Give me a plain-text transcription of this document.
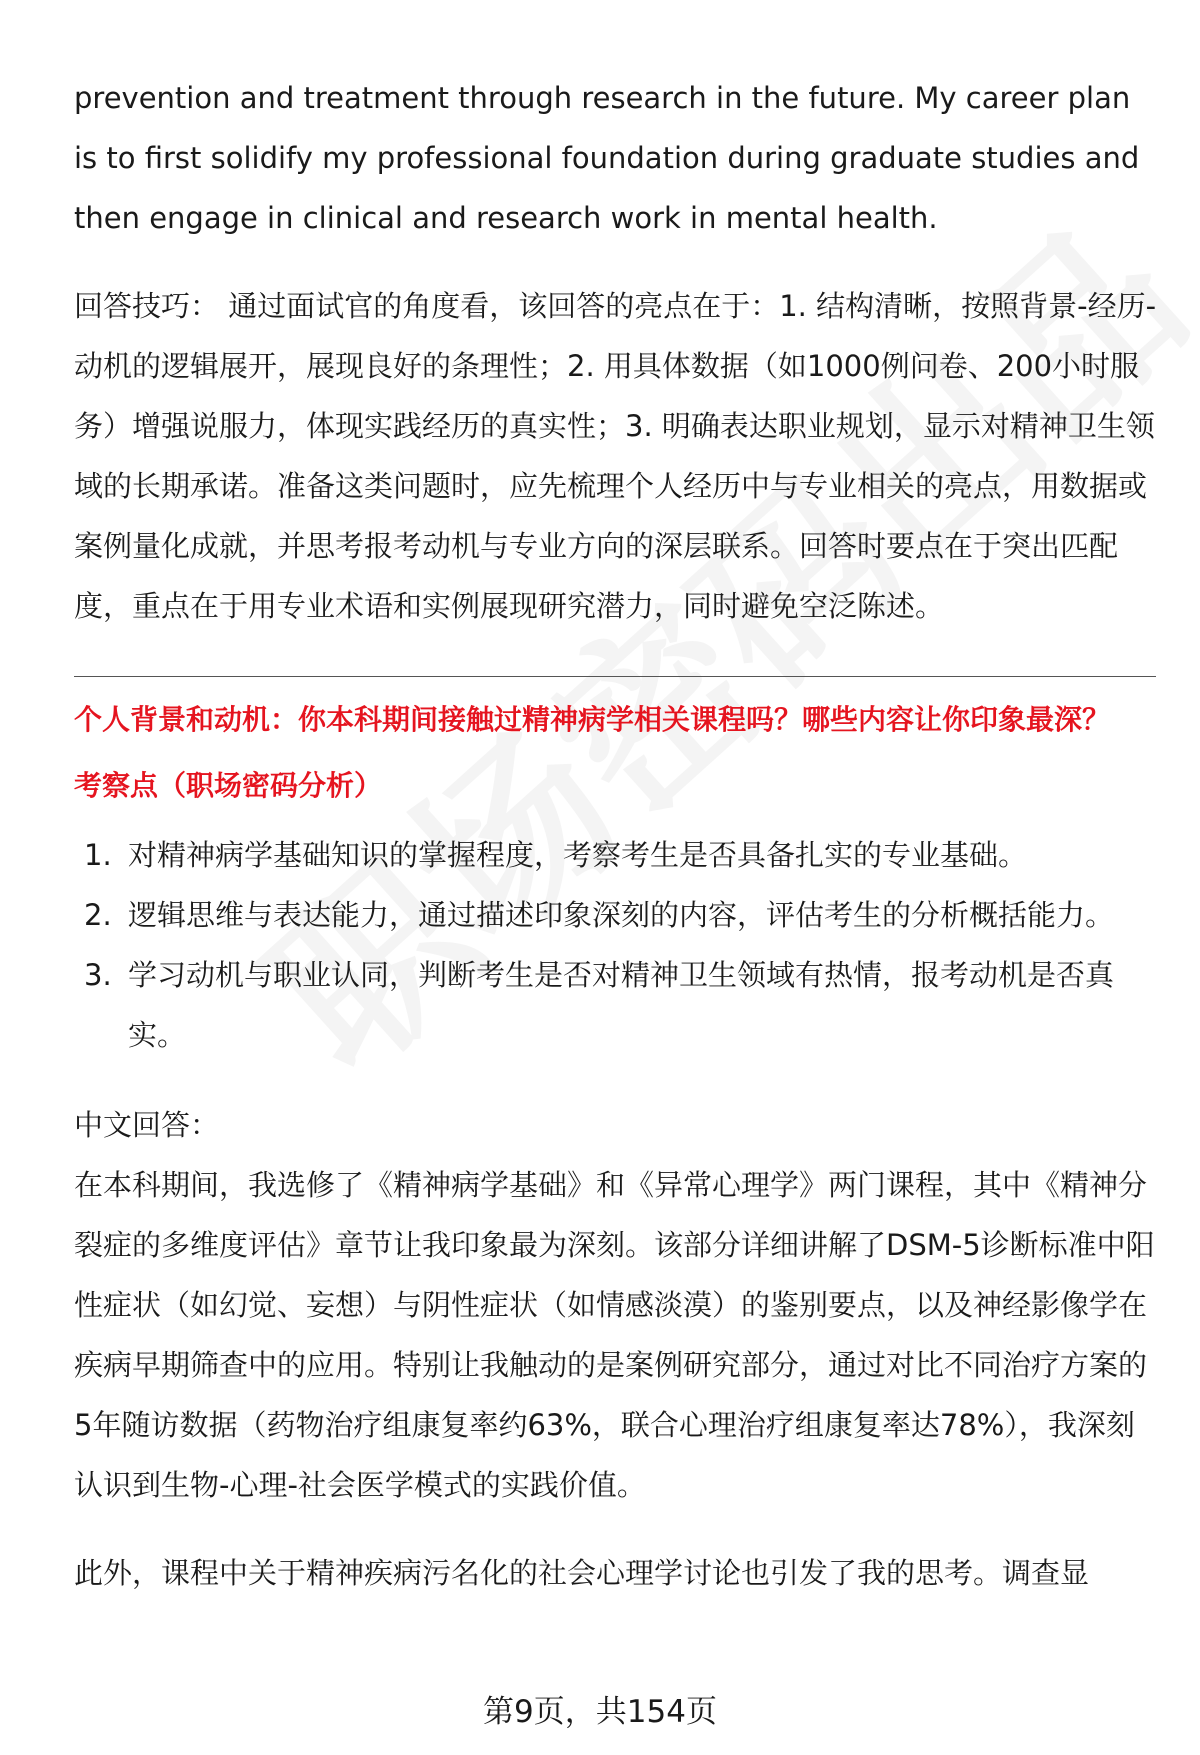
prevention and treatment through research in the future. My career plan is to first solidify my professional foundation during graduate studies and then engage in clinical and research work in mental health.

回答技巧： 通过面试官的角度看，该回答的亮点在于：1. 结构清晰，按照背景-经历-动机的逻辑展开，展现良好的条理性；2. 用具体数据（如1000例问卷、200小时服务）增强说服力，体现实践经历的真实性；3. 明确表达职业规划，显示对精神卫生领域的长期承诺。准备这类问题时，应先梳理个人经历中与专业相关的亮点，用数据或案例量化成就，并思考报考动机与专业方向的深层联系。回答时要点在于突出匹配度，重点在于用专业术语和实例展现研究潜力，同时避免空泛陈述。

个人背景和动机：你本科期间接触过精神病学相关课程吗？哪些内容让你印象最深？
考察点（职场密码分析）
1. 对精神病学基础知识的掌握程度，考察考生是否具备扎实的专业基础。
2. 逻辑思维与表达能力，通过描述印象深刻的内容，评估考生的分析概括能力。
3. 学习动机与职业认同，判断考生是否对精神卫生领域有热情，报考动机是否真实。
中文回答：

在本科期间，我选修了《精神病学基础》和《异常心理学》两门课程，其中《精神分裂症的多维度评估》章节让我印象最为深刻。该部分详细讲解了DSM-5诊断标准中阳性症状（如幻觉、妄想）与阴性症状（如情感淡漠）的鉴别要点，以及神经影像学在疾病早期筛查中的应用。特别让我触动的是案例研究部分，通过对比不同治疗方案的5年随访数据（药物治疗组康复率约63%，联合心理治疗组康复率达78%），我深刻认识到生物-心理-社会医学模式的实践价值。

此外，课程中关于精神疾病污名化的社会心理学讨论也引发了我的思考。调查显

第9页，共154页
